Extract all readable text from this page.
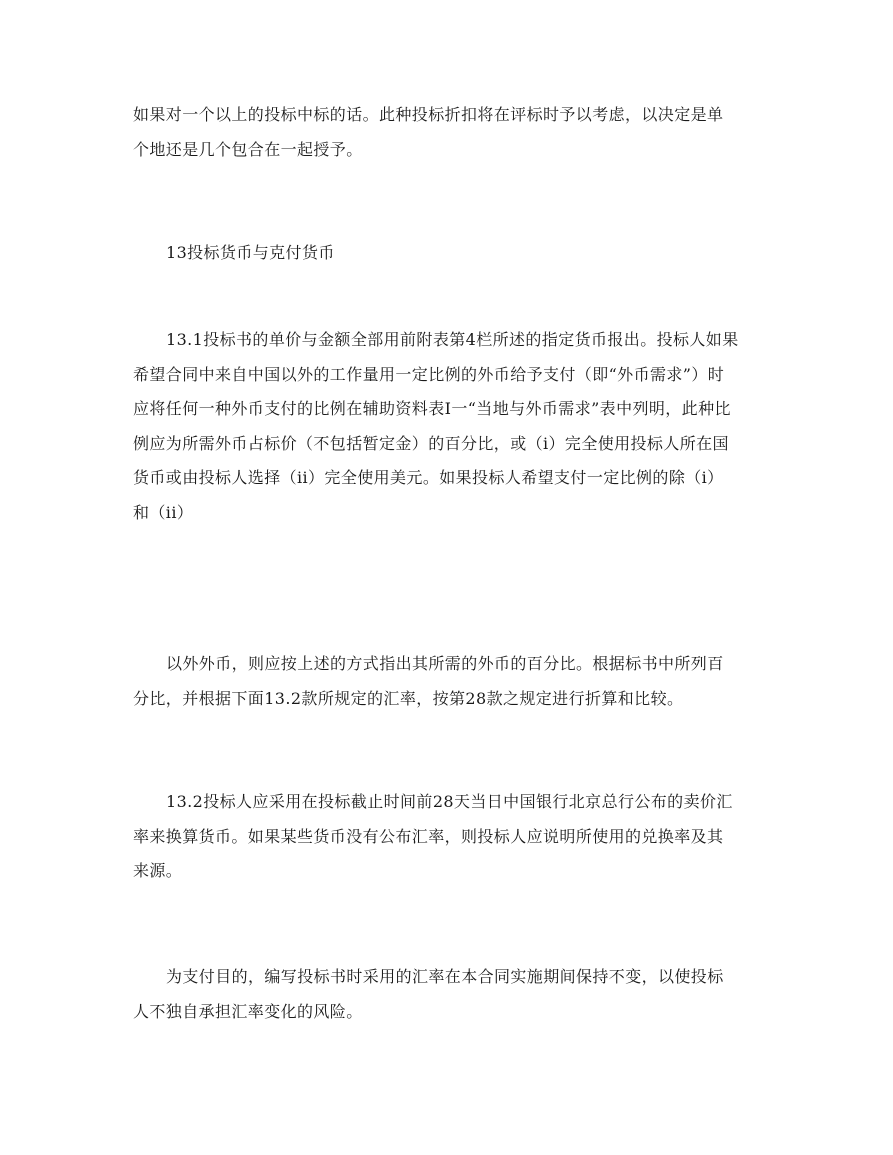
如果对一个以上的投标中标的话。此种投标折扣将在评标时予以考虑，以决定是单
个地还是几个包合在一起授予。

13投标货币与克付货币

13.1投标书的单价与金额全部用前附表第4栏所述的指定货币报出。投标人如果
希望合同中来自中国以外的工作量用一定比例的外币给予支付（即“外币需求”）时
应将任何一种外币支付的比例在辅助资料表I一“当地与外币需求”表中列明，此种比
例应为所需外币占标价（不包括暂定金）的百分比，或（i）完全使用投标人所在国
货币或由投标人选择（ii）完全使用美元。如果投标人希望支付一定比例的除（i）
和（ii）

以外外币，则应按上述的方式指出其所需的外币的百分比。根据标书中所列百
分比，并根据下面13.2款所规定的汇率，按第28款之规定进行折算和比较。

13.2投标人应采用在投标截止时间前28天当日中国银行北京总行公布的卖价汇
率来换算货币。如果某些货币没有公布汇率，则投标人应说明所使用的兑换率及其
来源。

为支付目的，编写投标书时采用的汇率在本合同实施期间保持不变，以使投标
人不独自承担汇率变化的风险。
